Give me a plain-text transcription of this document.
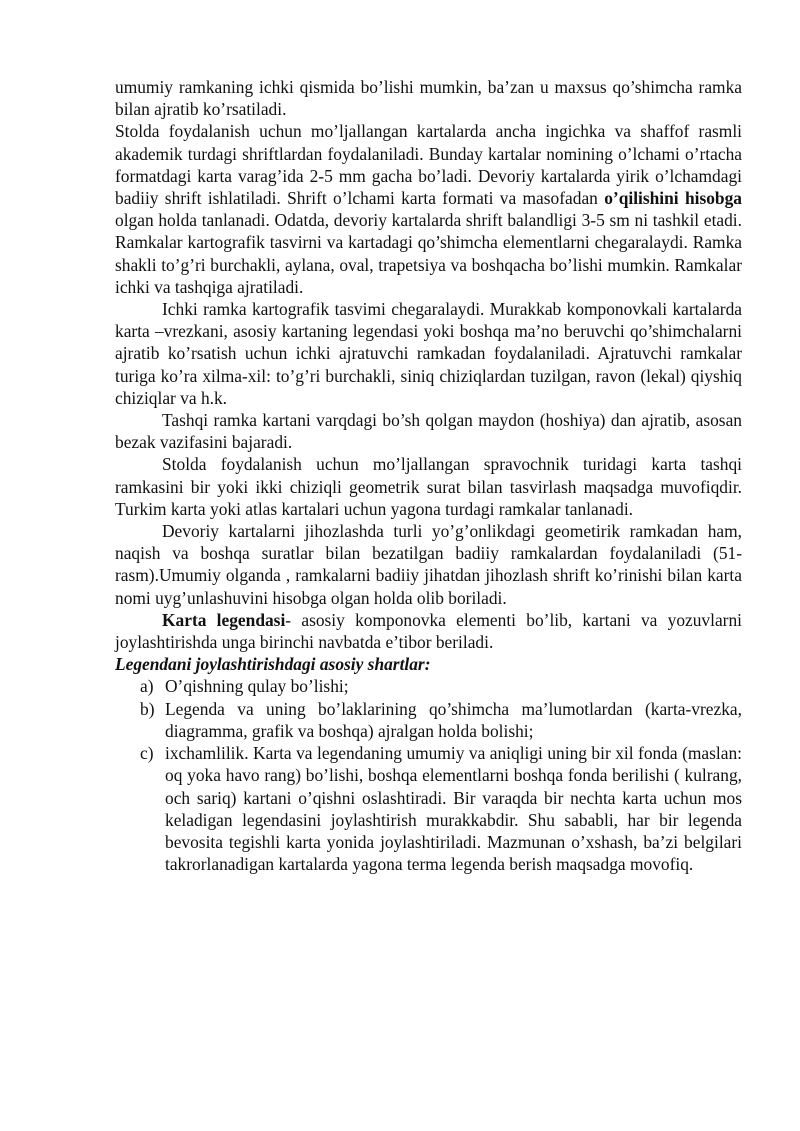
umumiy ramkaning ichki qismida bo’lishi mumkin, ba’zan u maxsus qo’shimcha ramka bilan ajratib ko’rsatiladi.

Stolda foydalanish uchun mo’ljallangan kartalarda ancha ingichka va shaffof rasmli akademik turdagi shriftlardan foydalaniladi. Bunday kartalar nomining o’lchami o’rtacha formatdagi karta varag’ida 2-5 mm gacha bo’ladi. Devoriy kartalarda yirik o’lchamdagi badiiy shrift ishlatiladi. Shrift o’lchami karta formati va masofadan o’qilishini hisobga olgan holda tanlanadi. Odatda, devoriy kartalarda shrift balandligi 3-5 sm ni tashkil etadi. Ramkalar kartografik tasvirni va kartadagi qo’shimcha elementlarni chegaralaydi. Ramka shakli to’g’ri burchakli, aylana, oval, trapetsiya va boshqacha bo’lishi mumkin. Ramkalar ichki va tashqiga ajratiladi.

Ichki ramka kartografik tasvimi chegaralaydi. Murakkab komponovkali kartalarda karta –vrezkani, asosiy kartaning legendasi yoki boshqa ma’no beruvchi qo’shimchalarni ajratib ko’rsatish uchun ichki ajratuvchi ramkadan foydalaniladi. Ajratuvchi ramkalar turiga ko’ra xilma-xil: to’g’ri burchakli, siniq chiziqlardan tuzilgan, ravon (lekal) qiyshiq chiziqlar va h.k.

Tashqi ramka kartani varqdagi bo’sh qolgan maydon (hoshiya) dan ajratib, asosan bezak vazifasini bajaradi.

Stolda foydalanish uchun mo’ljallangan spravochnik turidagi karta tashqi ramkasini bir yoki ikki chiziqli geometrik surat bilan tasvirlash maqsadga muvofiqdir. Turkim karta yoki atlas kartalari uchun yagona turdagi ramkalar tanlanadi.

Devoriy kartalarni jihozlashda turli yo’g’onlikdagi geometirik ramkadan ham, naqish va boshqa suratlar bilan bezatilgan badiiy ramkalardan foydalaniladi (51-rasm).Umumiy olganda , ramkalarni badiiy jihatdan jihozlash shrift ko’rinishi bilan karta nomi uyg’unlashuvini hisobga olgan holda olib boriladi.

Karta legendasi- asosiy komponovka elementi bo’lib, kartani va yozuvlarni joylashtirishda unga birinchi navbatda e’tibor beriladi.

Legendani joylashtirishdagi asosiy shartlar:

a) O’qishning qulay bo’lishi;
b) Legenda va uning bo’laklarining qo’shimcha ma’lumotlardan (karta-vrezka, diagramma, grafik va boshqa) ajralgan holda bolishi;
c) ixchamlilik. Karta va legendaning umumiy va aniqligi uning bir xil fonda (maslan: oq yoka havo rang) bo’lishi, boshqa elementlarni boshqa fonda berilishi ( kulrang, och sariq) kartani o’qishni oslashtiradi. Bir varaqda bir nechta karta uchun mos keladigan legendasini joylashtirish murakkabdir. Shu sababli, har bir legenda bevosita tegishli karta yonida joylashtiriladi. Mazmunan o’xshash, ba’zi belgilari takrorlanadigan kartalarda yagona terma legenda berish maqsadga movofiq.
